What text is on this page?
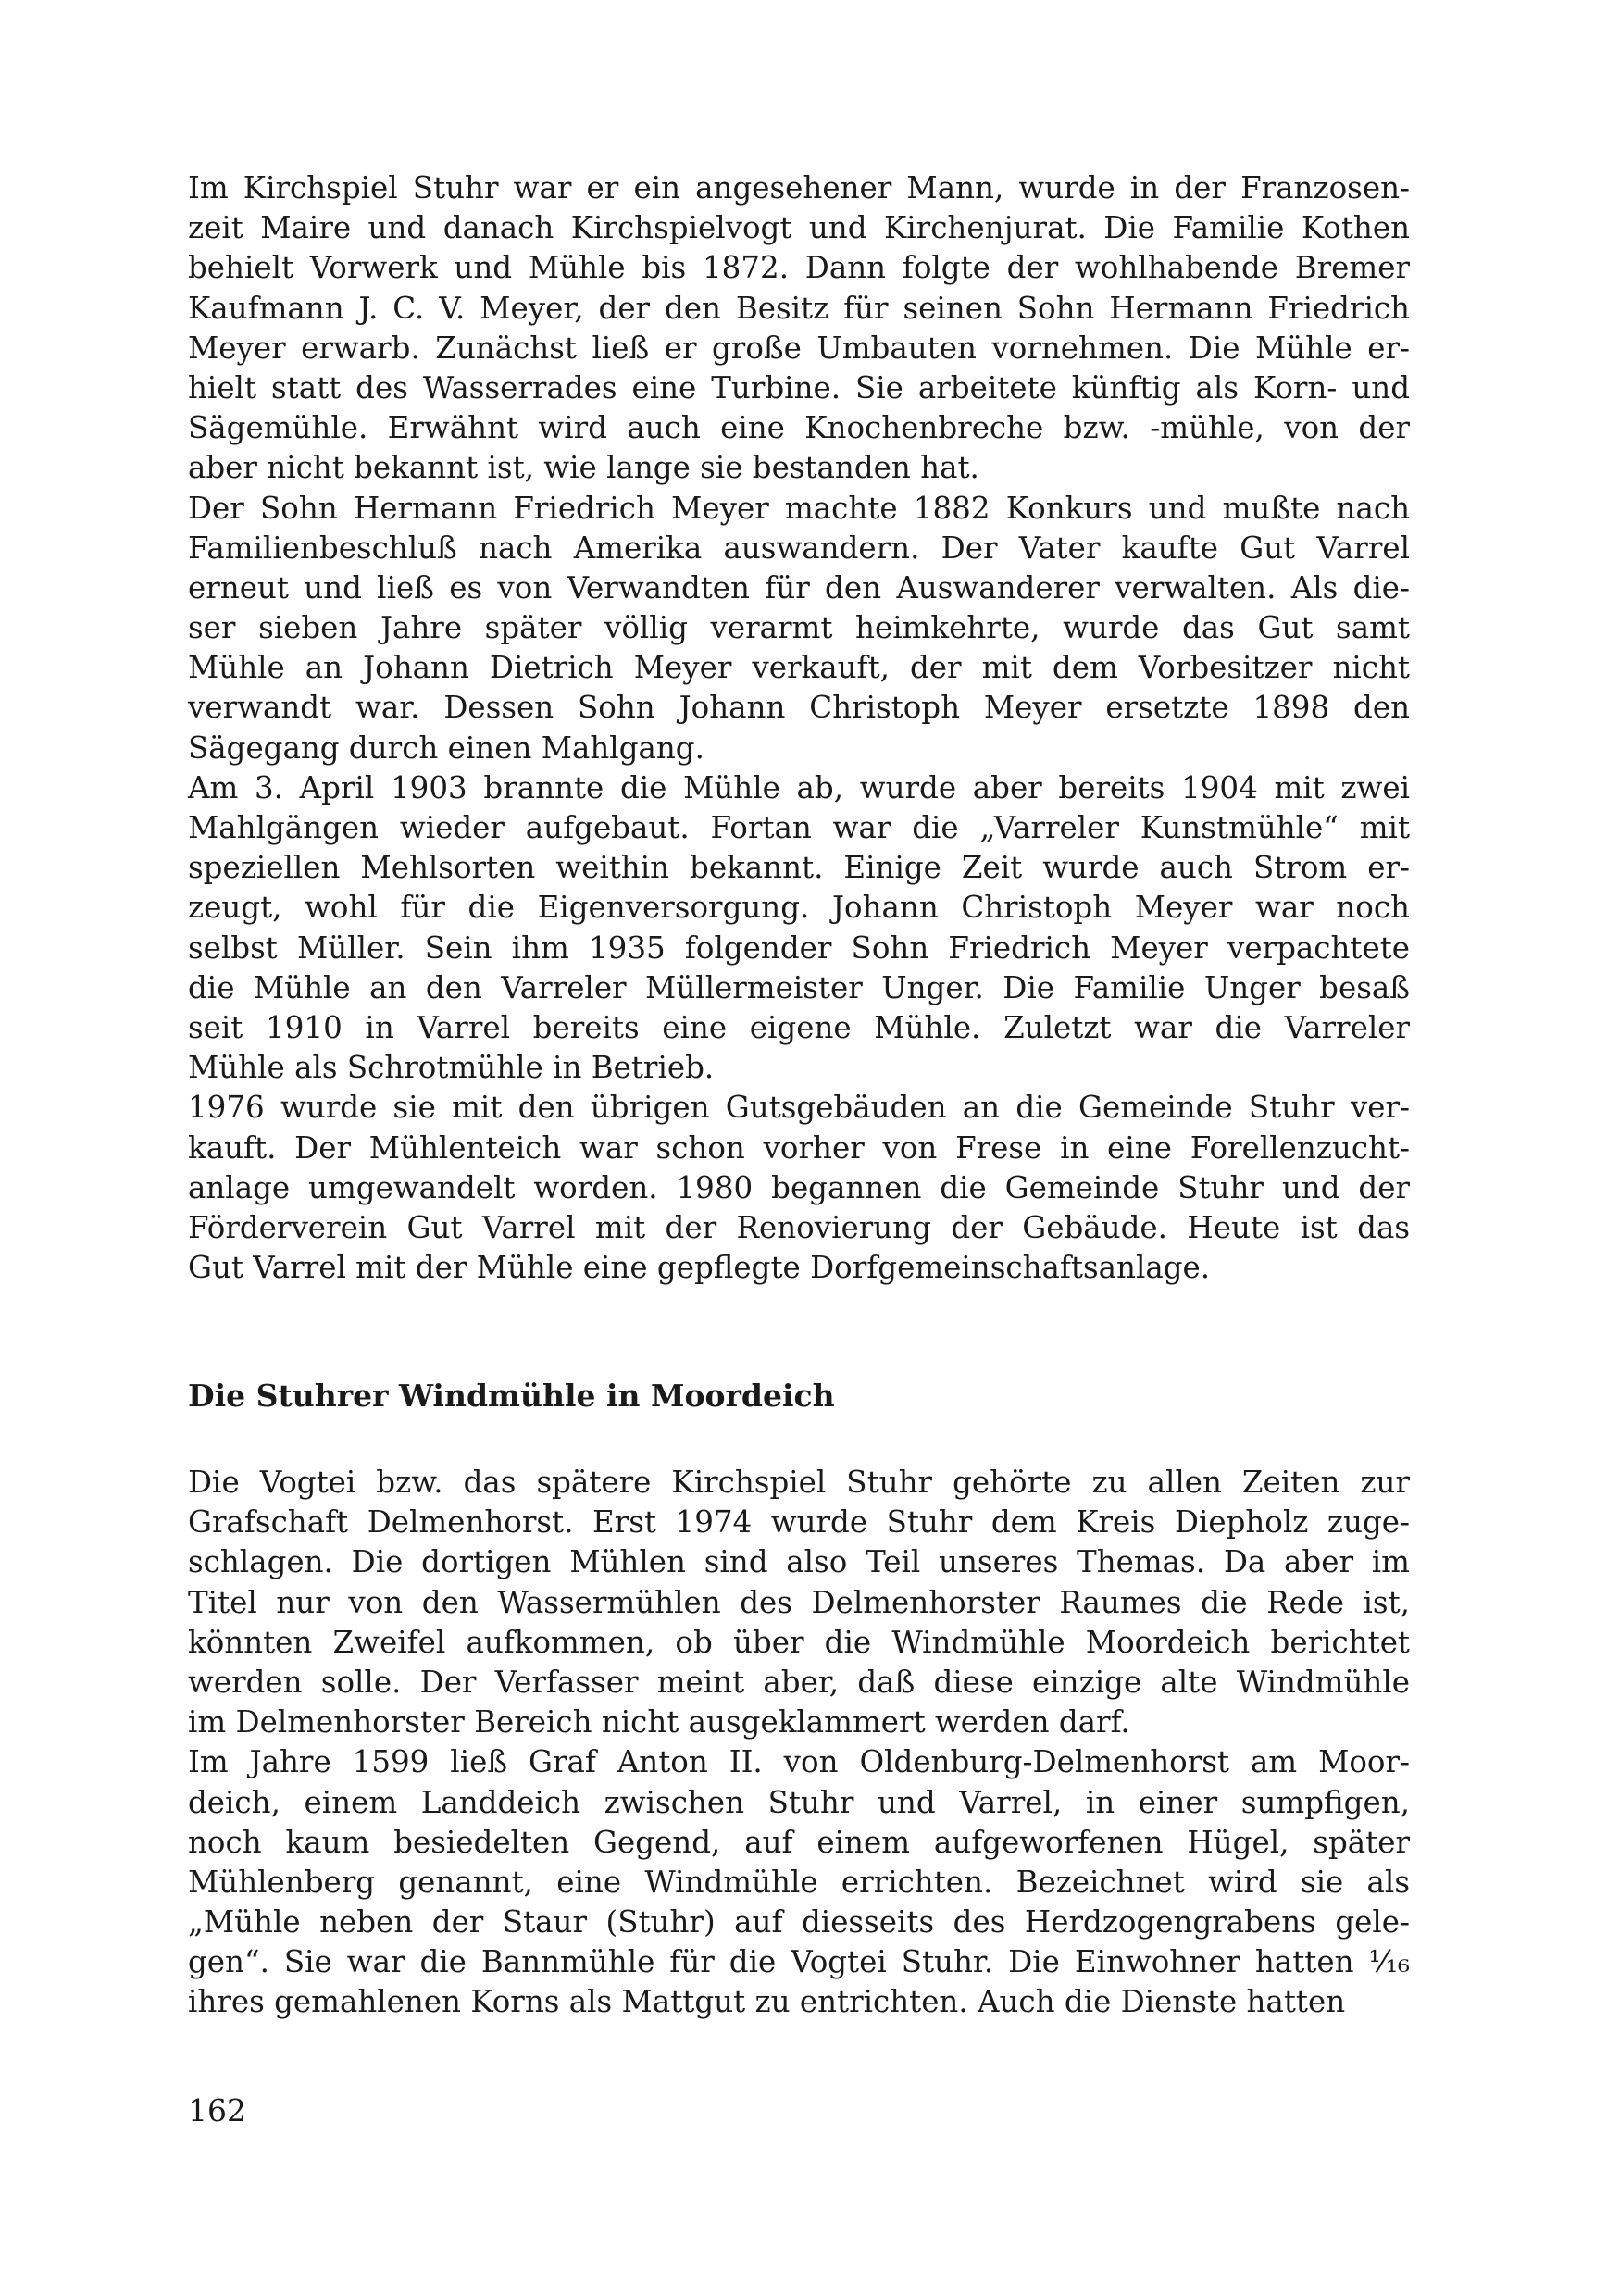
Im Kirchspiel Stuhr war er ein angesehener Mann, wurde in der Franzosen-
zeit Maire und danach Kirchspielvogt und Kirchenjurat. Die Familie Kothen
behielt Vorwerk und Mühle bis 1872. Dann folgte der wohlhabende Bremer
Kaufmann J. C. V. Meyer, der den Besitz für seinen Sohn Hermann Friedrich
Meyer erwarb. Zunächst ließ er große Umbauten vornehmen. Die Mühle er-
hielt statt des Wasserrades eine Turbine. Sie arbeitete künftig als Korn- und
Sägemühle. Erwähnt wird auch eine Knochenbreche bzw. -mühle, von der
aber nicht bekannt ist, wie lange sie bestanden hat.
Der Sohn Hermann Friedrich Meyer machte 1882 Konkurs und mußte nach
Familienbeschluß nach Amerika auswandern. Der Vater kaufte Gut Varrel
erneut und ließ es von Verwandten für den Auswanderer verwalten. Als die-
ser sieben Jahre später völlig verarmt heimkehrte, wurde das Gut samt
Mühle an Johann Dietrich Meyer verkauft, der mit dem Vorbesitzer nicht
verwandt war. Dessen Sohn Johann Christoph Meyer ersetzte 1898 den
Sägegang durch einen Mahlgang.
Am 3. April 1903 brannte die Mühle ab, wurde aber bereits 1904 mit zwei
Mahlgängen wieder aufgebaut. Fortan war die „Varreler Kunstmühle“ mit
speziellen Mehlsorten weithin bekannt. Einige Zeit wurde auch Strom er-
zeugt, wohl für die Eigenversorgung. Johann Christoph Meyer war noch
selbst Müller. Sein ihm 1935 folgender Sohn Friedrich Meyer verpachtete
die Mühle an den Varreler Müllermeister Unger. Die Familie Unger besaß
seit 1910 in Varrel bereits eine eigene Mühle. Zuletzt war die Varreler
Mühle als Schrotmühle in Betrieb.
1976 wurde sie mit den übrigen Gutsgebäuden an die Gemeinde Stuhr ver-
kauft. Der Mühlenteich war schon vorher von Frese in eine Forellenzucht-
anlage umgewandelt worden. 1980 begannen die Gemeinde Stuhr und der
Förderverein Gut Varrel mit der Renovierung der Gebäude. Heute ist das
Gut Varrel mit der Mühle eine gepflegte Dorfgemeinschaftsanlage.
Die Stuhrer Windmühle in Moordeich
Die Vogtei bzw. das spätere Kirchspiel Stuhr gehörte zu allen Zeiten zur
Grafschaft Delmenhorst. Erst 1974 wurde Stuhr dem Kreis Diepholz zuge-
schlagen. Die dortigen Mühlen sind also Teil unseres Themas. Da aber im
Titel nur von den Wassermühlen des Delmenhorster Raumes die Rede ist,
könnten Zweifel aufkommen, ob über die Windmühle Moordeich berichtet
werden solle. Der Verfasser meint aber, daß diese einzige alte Windmühle
im Delmenhorster Bereich nicht ausgeklammert werden darf.
Im Jahre 1599 ließ Graf Anton II. von Oldenburg-Delmenhorst am Moor-
deich, einem Landdeich zwischen Stuhr und Varrel, in einer sumpfigen,
noch kaum besiedelten Gegend, auf einem aufgeworfenen Hügel, später
Mühlenberg genannt, eine Windmühle errichten. Bezeichnet wird sie als
„Mühle neben der Staur (Stuhr) auf diesseits des Herdzogengrabens gele-
gen“. Sie war die Bannmühle für die Vogtei Stuhr. Die Einwohner hatten ⅟₁₆
ihres gemahlenen Korns als Mattgut zu entrichten. Auch die Dienste hatten

162
